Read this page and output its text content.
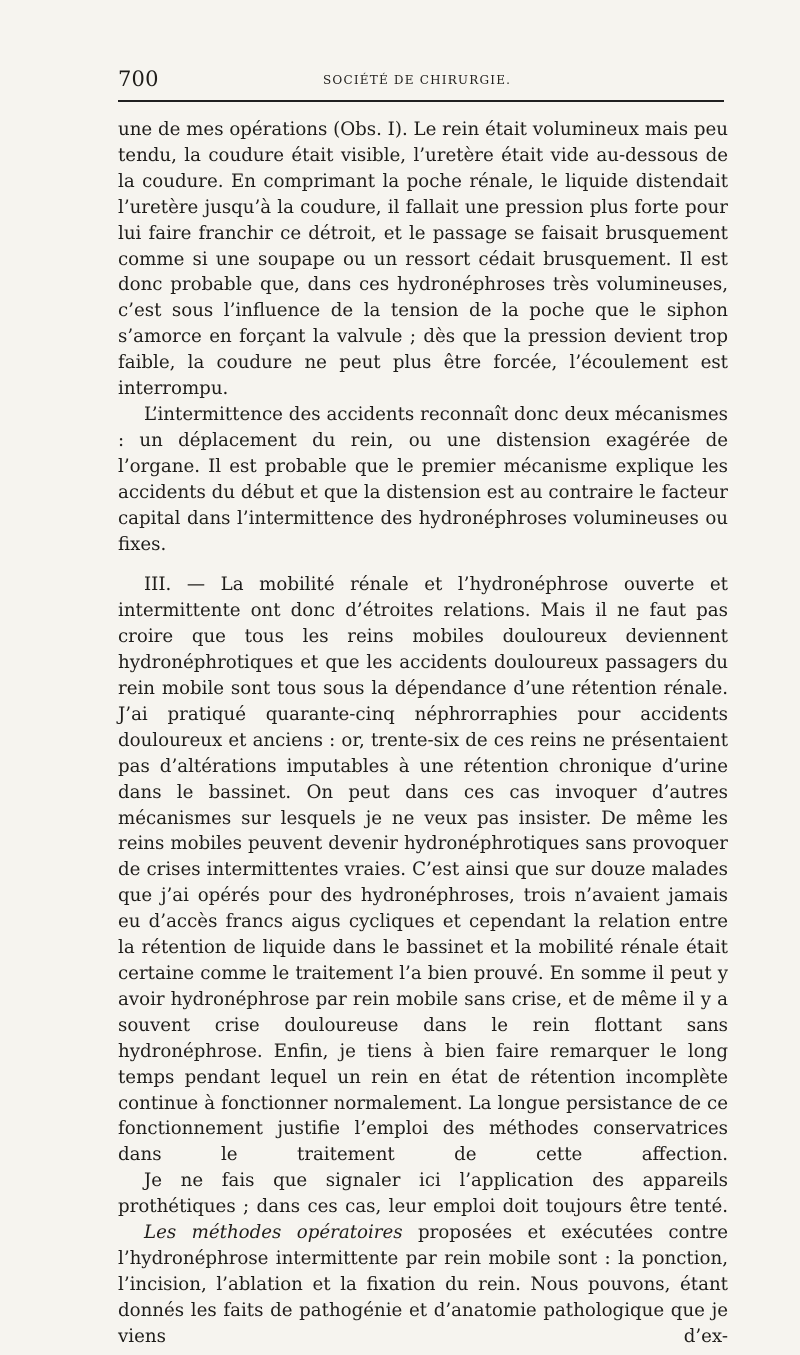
700	SOCIÉTÉ DE CHIRURGIE.

une de mes opérations (Obs. I). Le rein était volumineux mais peu tendu, la coudure était visible, l’uretère était vide au-dessous de la coudure. En comprimant la poche rénale, le liquide distendait l’uretère jusqu’à la coudure, il fallait une pression plus forte pour lui faire franchir ce détroit, et le passage se faisait brusquement comme si une soupape ou un ressort cédait brusquement. Il est donc probable que, dans ces hydronéphroses très volumineuses, c’est sous l’influence de la tension de la poche que le siphon s’amorce en forçant la valvule ; dès que la pression devient trop faible, la coudure ne peut plus être forcée, l’écoulement est interrompu.

L’intermittence des accidents reconnaît donc deux mécanismes : un déplacement du rein, ou une distension exagérée de l’organe. Il est probable que le premier mécanisme explique les accidents du début et que la distension est au contraire le facteur capital dans l’intermittence des hydronéphroses volumineuses ou fixes.

III. — La mobilité rénale et l’hydronéphrose ouverte et intermittente ont donc d’étroites relations. Mais il ne faut pas croire que tous les reins mobiles douloureux deviennent hydronéphrotiques et que les accidents douloureux passagers du rein mobile sont tous sous la dépendance d’une rétention rénale. J’ai pratiqué quarante-cinq néphrorraphies pour accidents douloureux et anciens : or, trente-six de ces reins ne présentaient pas d’altérations imputables à une rétention chronique d’urine dans le bassinet. On peut dans ces cas invoquer d’autres mécanismes sur lesquels je ne veux pas insister. De même les reins mobiles peuvent devenir hydronéphrotiques sans provoquer de crises intermittentes vraies. C’est ainsi que sur douze malades que j’ai opérés pour des hydronéphroses, trois n’avaient jamais eu d’accès francs aigus cycliques et cependant la relation entre la rétention de liquide dans le bassinet et la mobilité rénale était certaine comme le traitement l’a bien prouvé. En somme il peut y avoir hydronéphrose par rein mobile sans crise, et de même il y a souvent crise douloureuse dans le rein flottant sans hydronéphrose. Enfin, je tiens à bien faire remarquer le long temps pendant lequel un rein en état de rétention incomplète continue à fonctionner normalement. La longue persistance de ce fonctionnement justifie l’emploi des méthodes conservatrices dans le traitement de cette affection.

Je ne fais que signaler ici l’application des appareils prothétiques ; dans ces cas, leur emploi doit toujours être tenté.

Les méthodes opératoires proposées et exécutées contre l’hydronéphrose intermittente par rein mobile sont : la ponction, l’incision, l’ablation et la fixation du rein. Nous pouvons, étant donnés les faits de pathogénie et d’anatomie pathologique que je viens d’ex-
